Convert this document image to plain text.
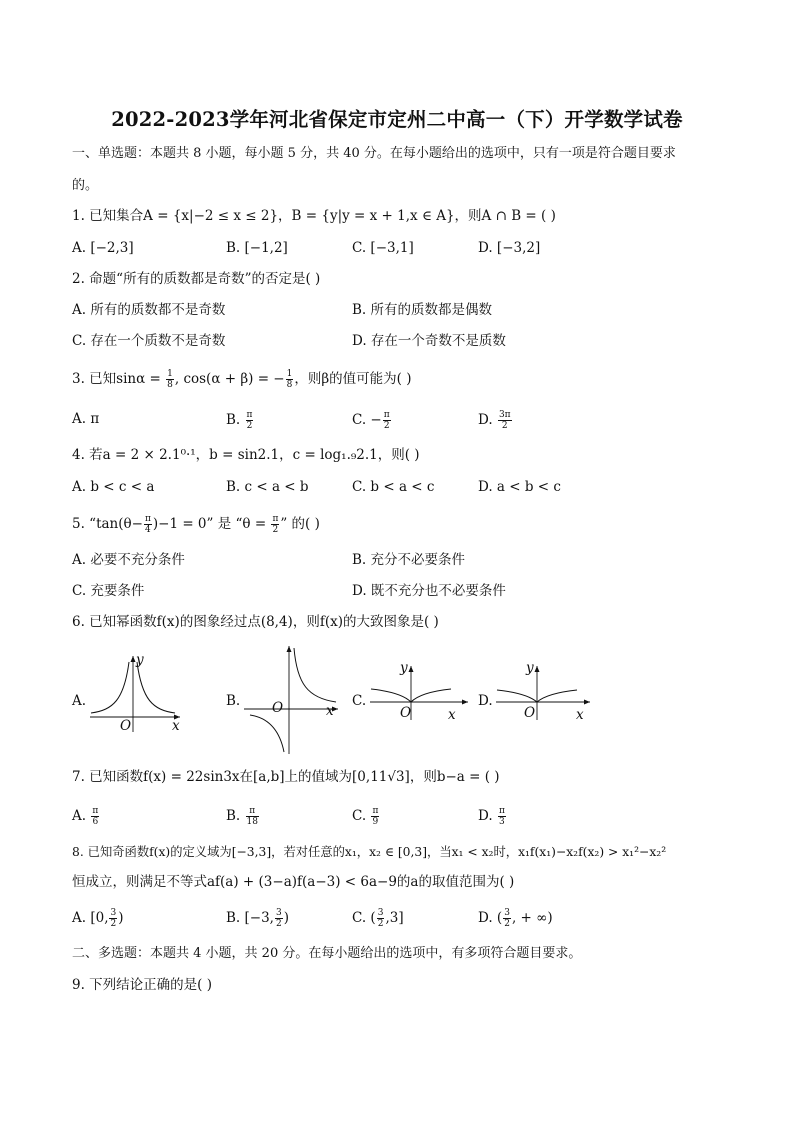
2022-2023学年河北省保定市定州二中高一（下）开学数学试卷
一、单选题：本题共 8 小题，每小题 5 分，共 40 分。在每小题给出的选项中，只有一项是符合题目要求
的。
1. 已知集合A = {x|−2 ≤ x ≤ 2}，B = {y|y = x + 1,x ∈ A}，则A ∩ B = ( )
A. [−2,3]	B. [−1,2]	C. [−3,1]	D. [−3,2]
2. 命题“所有的质数都是奇数”的否定是( )
A. 所有的质数都不是奇数	B. 所有的质数都是偶数
C. 存在一个质数不是奇数	D. 存在一个奇数不是质数
3. 已知$\sin\alpha = \frac{1}{8}$ , cos(α + β) = − $\frac{1}{8}$ ，则β的值可能为( )
A. π	B. $\frac{\pi}{2}$	C. − $\frac{\pi}{2}$	D. $\frac{3\pi}{2}$
4. 若a = 2 × 2.1⁰·¹，b = sin2.1，c = log₁.₉2.1，则( )
A. b < c < a	B. c < a < b	C. b < a < c	D. a < b < c
5. “$\tan(\theta- \frac{\pi}{4} )-1 = 0$” 是 “$\theta = \frac{\pi}{2}$ ” 的( )
A. 必要不充分条件	B. 充分不必要条件
C. 充要条件	D. 既不充分也不必要条件
6. 已知幂函数f(x)的图象经过点(8,4)，则f(x)的大致图象是( )
A.
y
O	x
B. O	x
C.
y
O	x
D.
y
O	x
7. 已知函数f(x) = 22sin3x在[a,b]上的值域为[0,11√3]，则b−a = ( )
A. $\frac{\pi}{6}$	B. $\frac{\pi}{18}$	C. $\frac{\pi}{9}$	D. $\frac{\pi}{3}$
8. 已知奇函数f(x)的定义域为[−3,3]，若对任意的x₁，x₂ ∈ [0,3]，当x₁ < x₂时，x₁f(x₁)−x₂f(x₂) > x₁²−x₂²
恒成立，则满足不等式af(a) + (3−a)f(a−3) < 6a−9的a的取值范围为( )
A. [0, $\frac{3}{2}$ )	B. [−3, $\frac{3}{2}$ )	C. ( $\frac{3}{2} ,3$]	D. ( $\frac{3}{2}$ , + ∞)
二、多选题：本题共 4 小题，共 20 分。在每小题给出的选项中，有多项符合题目要求。
9. 下列结论正确的是( )
